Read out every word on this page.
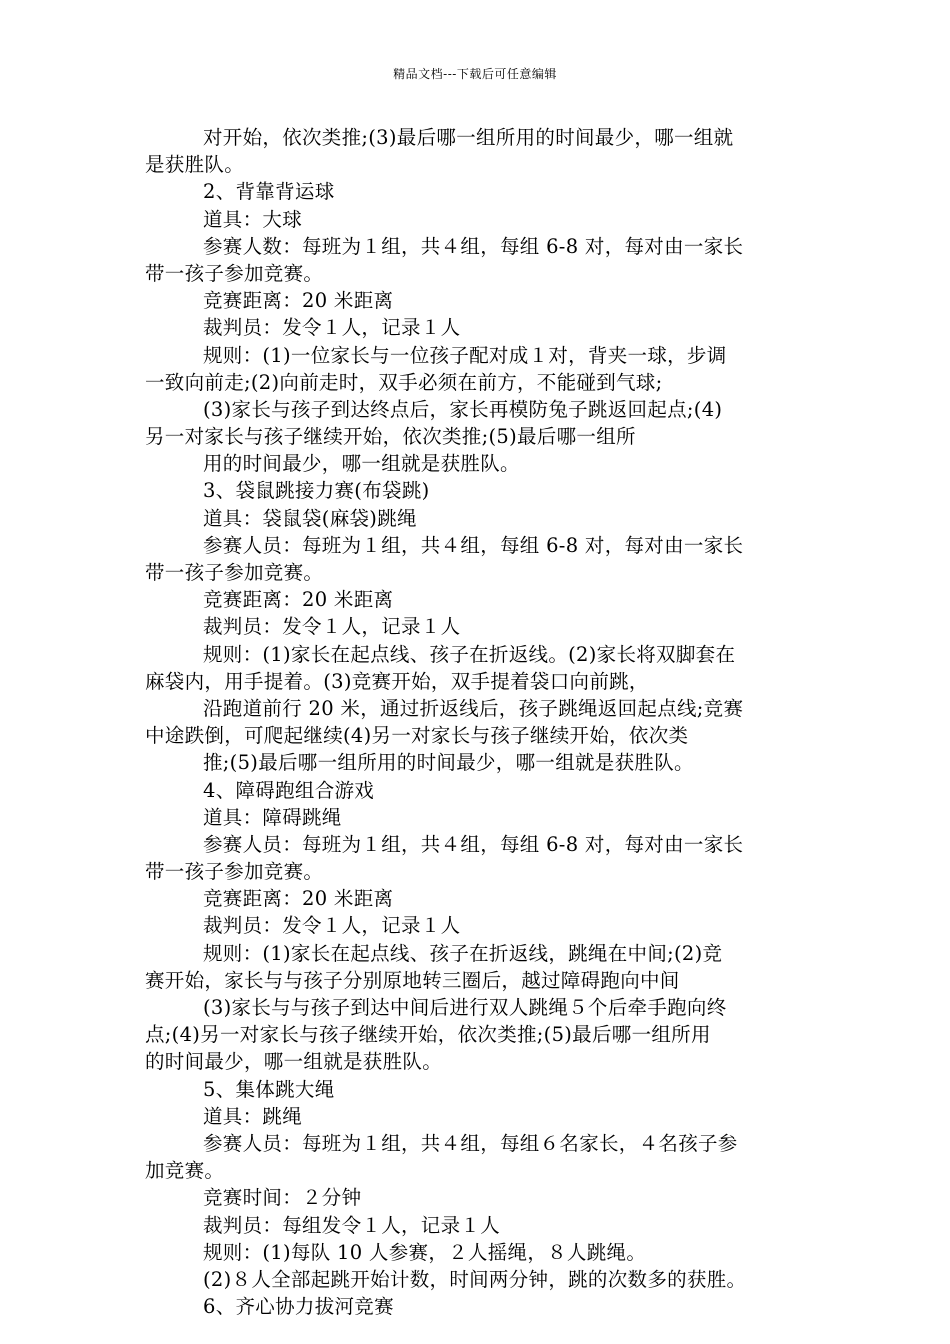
精品文档---下载后可任意编辑
对开始，依次类推;(3)最后哪一组所用的时间最少，哪一组就
是获胜队。
2、背靠背运球
道具：大球
参赛人数：每班为１组，共４组，每组 6-8 对，每对由一家长
带一孩子参加竞赛。
竞赛距离：20 米距离
裁判员：发令１人，记录１人
规则：(1)一位家长与一位孩子配对成１对，背夹一球，步调
一致向前走;(2)向前走时，双手必须在前方，不能碰到气球;
(3)家长与孩子到达终点后，家长再模防兔子跳返回起点;(4)
另一对家长与孩子继续开始，依次类推;(5)最后哪一组所
用的时间最少，哪一组就是获胜队。
3、袋鼠跳接力赛(布袋跳)
道具：袋鼠袋(麻袋)跳绳
参赛人员：每班为１组，共４组，每组 6-8 对，每对由一家长
带一孩子参加竞赛。
竞赛距离：20 米距离
裁判员：发令１人，记录１人
规则：(1)家长在起点线、孩子在折返线。(2)家长将双脚套在
麻袋内，用手提着。(3)竞赛开始，双手提着袋口向前跳，
沿跑道前行 20 米，通过折返线后，孩子跳绳返回起点线;竞赛
中途跌倒，可爬起继续(4)另一对家长与孩子继续开始，依次类
推;(5)最后哪一组所用的时间最少，哪一组就是获胜队。
4、障碍跑组合游戏
道具：障碍跳绳
参赛人员：每班为１组，共４组，每组 6-8 对，每对由一家长
带一孩子参加竞赛。
竞赛距离：20 米距离
裁判员：发令１人，记录１人
规则：(1)家长在起点线、孩子在折返线，跳绳在中间;(2)竞
赛开始，家长与与孩子分别原地转三圈后，越过障碍跑向中间
(3)家长与与孩子到达中间后进行双人跳绳５个后牵手跑向终
点;(4)另一对家长与孩子继续开始，依次类推;(5)最后哪一组所用
的时间最少，哪一组就是获胜队。
5、集体跳大绳
道具：跳绳
参赛人员：每班为１组，共４组，每组６名家长，４名孩子参
加竞赛。
竞赛时间：２分钟
裁判员：每组发令１人，记录１人
规则：(1)每队 10 人参赛，２人摇绳，８人跳绳。
(2)８人全部起跳开始计数，时间两分钟，跳的次数多的获胜。
6、齐心协力拔河竞赛
